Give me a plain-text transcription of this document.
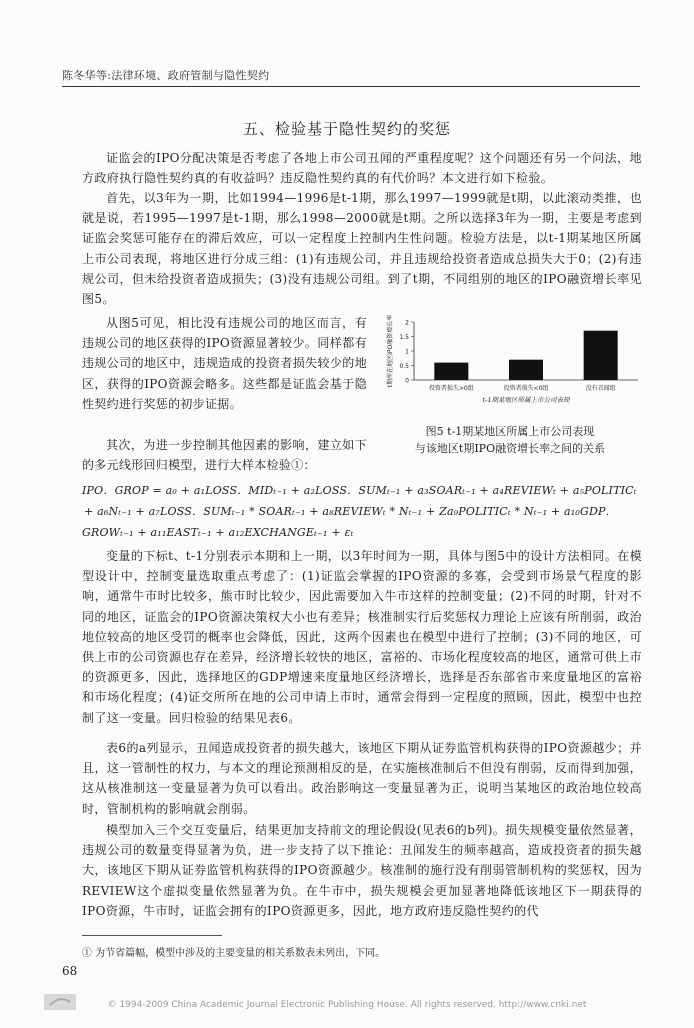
陈冬华等:法律环境、政府管制与隐性契约
五、检验基于隐性契约的奖惩
证监会的IPO分配决策是否考虑了各地上市公司丑闻的严重程度呢？这个问题还有另一个问法，地方政府执行隐性契约真的有收益吗？违反隐性契约真的有代价吗？本文进行如下检验。
首先，以3年为一期，比如1994—1996是t-1期，那么1997—1999就是t期，以此滚动类推，也就是说，若1995—1997是t-1期，那么1998—2000就是t期。之所以选择3年为一期，主要是考虑到证监会奖惩可能存在的滞后效应，可以一定程度上控制内生性问题。检验方法是，以t-1期某地区所属上市公司表现，将地区进行分成三组：(1)有违规公司，并且违规给投资者造成总损失大于0；(2)有违规公司，但未给投资者造成损失；(3)没有违规公司组。到了t期，不同组别的地区的IPO融资增长率见图5。
从图5可见，相比没有违规公司的地区而言，有违规公司的地区获得的IPO资源显著较少。同样都有违规公司的地区中，违规造成的投资者损失较少的地区，获得的IPO资源会略多。这些都是证监会基于隐性契约进行奖惩的初步证据。
0
0.5
1
1.5
2
t期所在地区IPO融资增长率
投资者损失>0组	投资者损失<0组	没有丑闻组
t-1期某地区所属上市公司表现
图5 t-1期某地区所属上市公司表现
与该地区t期IPO融资增长率之间的关系
其次，为进一步控制其他因素的影响，建立如下的多元线形回归模型，进行大样本检验①：
IPO．GROP = a₀ + a₁LOSS．MIDₜ₋₁ + a₂LOSS．SUMₜ₋₁ + a₃SOARₜ₋₁ + a₄REVIEWₜ + a₅POLITICₜ
+ a₆Nₜ₋₁ + a₇LOSS．SUMₜ₋₁ * SOARₜ₋₁ + a₈REVIEWₜ * Nₜ₋₁ + Za₉POLITICₜ * Nₜ₋₁ + a₁₀GDP．
GROWₜ₋₁ + a₁₁EASTₜ₋₁ + a₁₂EXCHANGEₜ₋₁ + εₜ
变量的下标t、t-1分别表示本期和上一期，以3年时间为一期，具体与图5中的设计方法相同。在模型设计中，控制变量选取重点考虑了：(1)证监会掌握的IPO资源的多寡，会受到市场景气程度的影响，通常牛市时比较多，熊市时比较少，因此需要加入牛市这样的控制变量；(2)不同的时期，针对不同的地区，证监会的IPO资源决策权大小也有差异；核准制实行后奖惩权力理论上应该有所削弱，政治地位较高的地区受罚的概率也会降低，因此，这两个因素也在模型中进行了控制；(3)不同的地区，可供上市的公司资源也存在差异，经济增长较快的地区，富裕的、市场化程度较高的地区，通常可供上市的资源更多，因此，选择地区的GDP增速来度量地区经济增长，选择是否东部省市来度量地区的富裕和市场化程度；(4)证交所所在地的公司申请上市时，通常会得到一定程度的照顾，因此，模型中也控制了这一变量。回归检验的结果见表6。
表6的a列显示，丑闻造成投资者的损失越大，该地区下期从证券监管机构获得的IPO资源越少；并且，这一管制性的权力，与本文的理论预测相反的是，在实施核准制后不但没有削弱，反而得到加强，这从核准制这一变量显著为负可以看出。政治影响这一变量显著为正，说明当某地区的政治地位较高时，管制机构的影响就会削弱。
模型加入三个交互变量后，结果更加支持前文的理论假设(见表6的b列)。损失规模变量依然显著，违规公司的数量变得显著为负，进一步支持了以下推论：丑闻发生的频率越高，造成投资者的损失越大，该地区下期从证券监管机构获得的IPO资源越少。核准制的施行没有削弱管制机构的奖惩权，因为REVIEW这个虚拟变量依然显著为负。在牛市中，损失规模会更加显著地降低该地区下一期获得的IPO资源，牛市时，证监会拥有的IPO资源更多，因此，地方政府违反隐性契约的代
① 为节省篇幅，模型中涉及的主要变量的相关系数表未列出，下同。
68
© 1994-2009 China Academic Journal Electronic Publishing House. All rights reserved. http://www.cnki.net
